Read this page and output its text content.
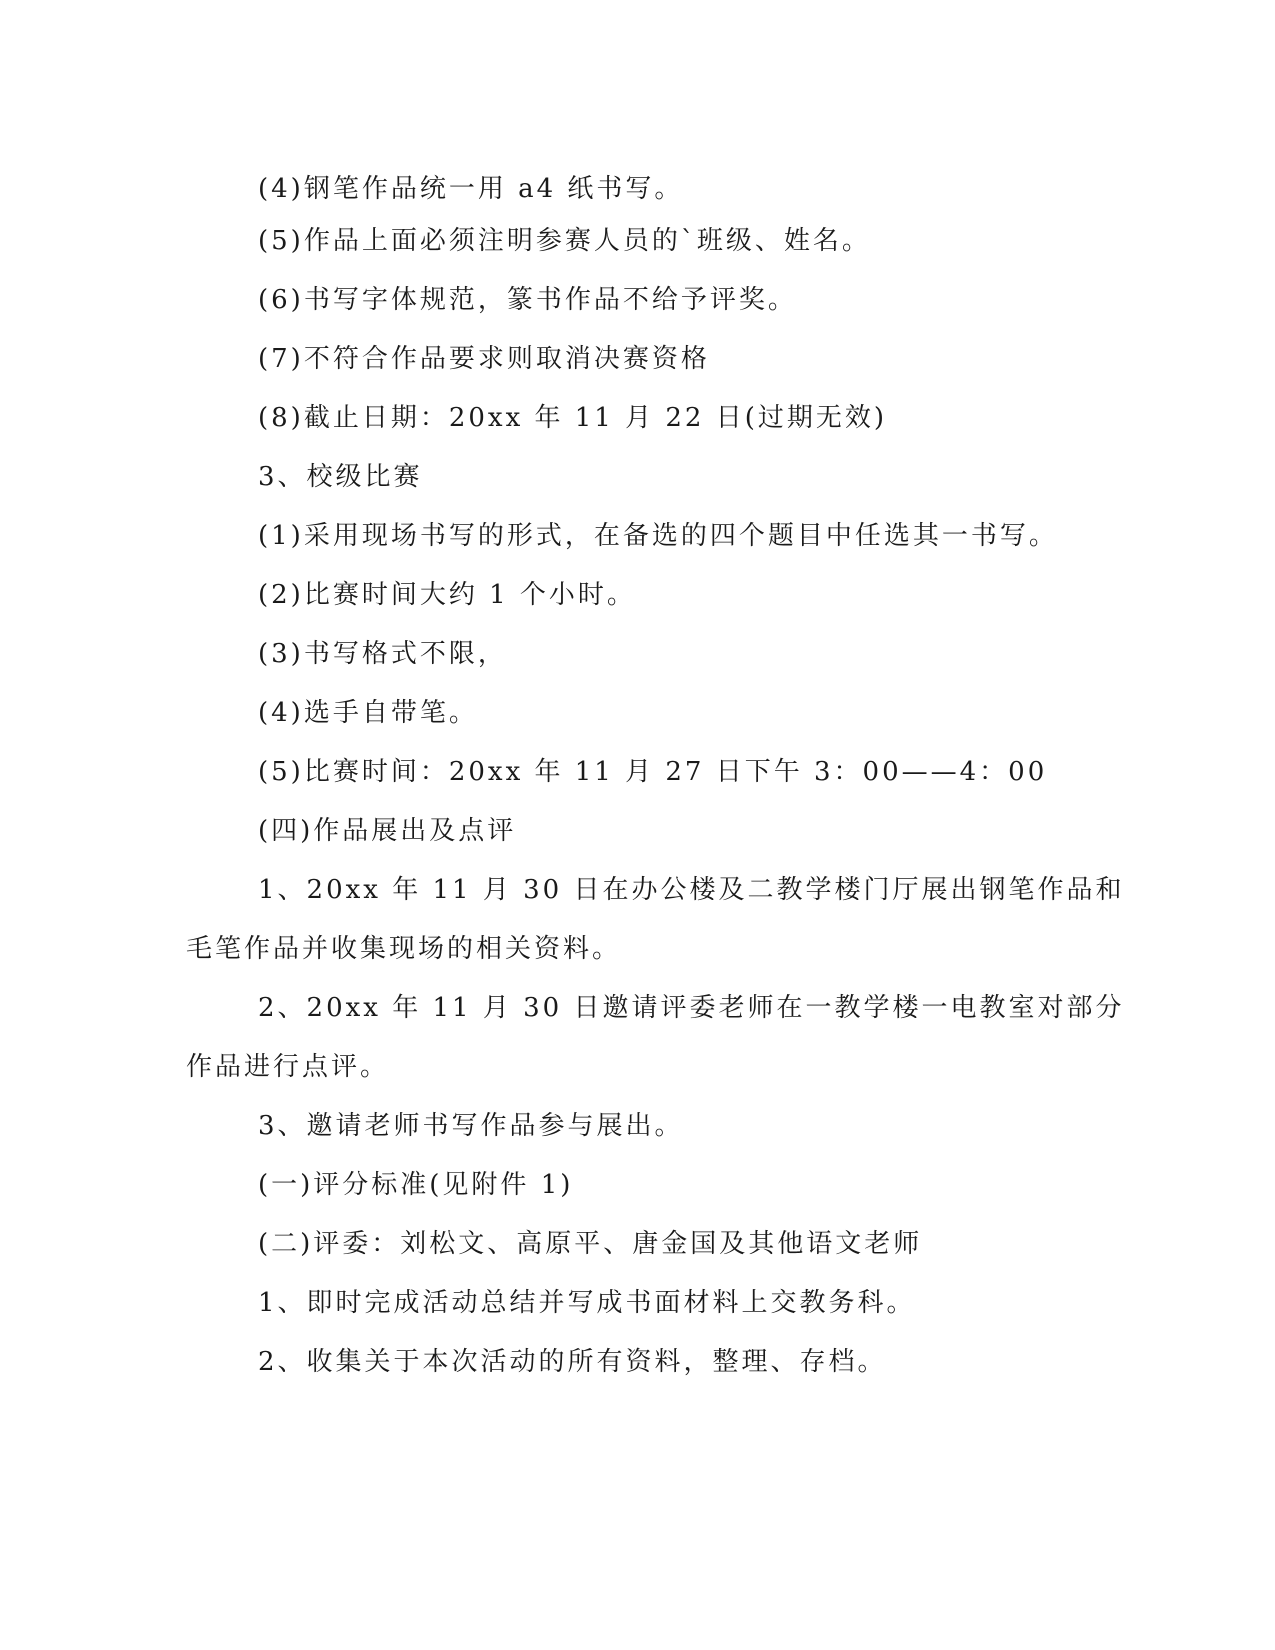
(4)钢笔作品统一用 a4 纸书写。
(5)作品上面必须注明参赛人员的`班级、姓名。
(6)书写字体规范，篆书作品不给予评奖。
(7)不符合作品要求则取消决赛资格
(8)截止日期：20xx 年 11 月 22 日(过期无效)
3、校级比赛
(1)采用现场书写的形式，在备选的四个题目中任选其一书写。
(2)比赛时间大约 1 个小时。
(3)书写格式不限，
(4)选手自带笔。
(5)比赛时间：20xx 年 11 月 27 日下午 3：00——4：00
(四)作品展出及点评
1、20xx 年 11 月 30 日在办公楼及二教学楼门厅展出钢笔作品和
毛笔作品并收集现场的相关资料。
2、20xx 年 11 月 30 日邀请评委老师在一教学楼一电教室对部分
作品进行点评。
3、邀请老师书写作品参与展出。
(一)评分标准(见附件 1)
(二)评委：刘松文、高原平、唐金国及其他语文老师
1、即时完成活动总结并写成书面材料上交教务科。
2、收集关于本次活动的所有资料，整理、存档。
